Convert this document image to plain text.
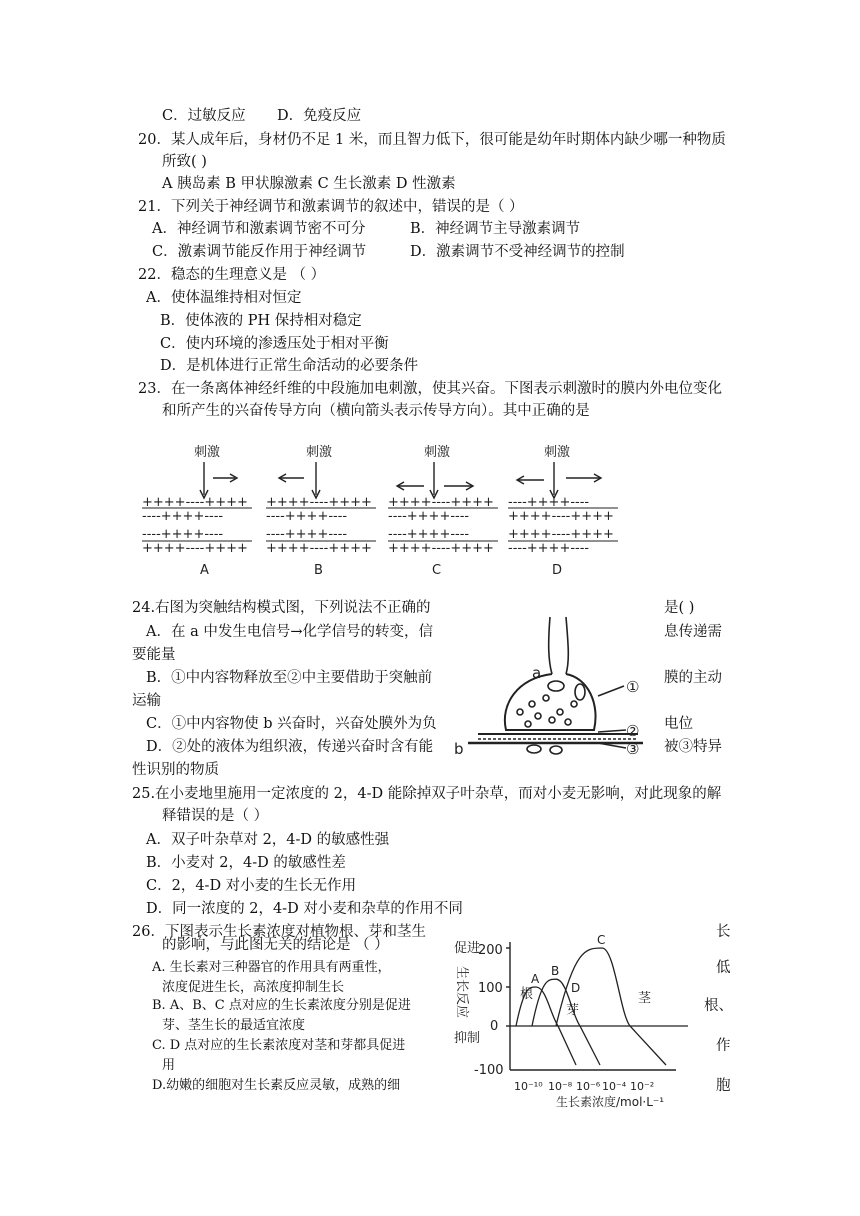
C．过敏反应 D．免疫反应
20．某人成年后，身材仍不足 1 米，而且智力低下，很可能是幼年时期体内缺少哪一种物质
所致( )
A 胰岛素 B 甲状腺激素 C 生长激素 D 性激素
21．下列关于神经调节和激素调节的叙述中，错误的是（ ）
A．神经调节和激素调节密不可分	B．神经调节主导激素调节
C．激素调节能反作用于神经调节	D．激素调节不受神经调节的控制
22．稳态的生理意义是 （ ）
A．使体温维持相对恒定
B．使体液的 PH 保持相对稳定
C．使内环境的渗透压处于相对平衡
D．是机体进行正常生命活动的必要条件
23．在一条离体神经纤维的中段施加电刺激，使其兴奋。下图表示刺激时的膜内外电位变化
和所产生的兴奋传导方向（横向箭头表示传导方向）。其中正确的是
刺激
++++----++++
----++++----
----++++----
++++----++++
A
刺激
++++----++++
----++++----
----++++----
++++----++++
B
刺激
++++----++++
----++++----
----++++----
++++----++++
C
刺激
----++++----
++++----++++
++++----++++
----++++----
D
24.右图为突触结构模式图，下列说法不正确的	是( )
A．在 a 中发生电信号→化学信号的转变，信	息传递需
要能量
B．①中内容物释放至②中主要借助于突触前	膜的主动
运输
C．①中内容物使 b 兴奋时，兴奋处膜外为负	电位
D．②处的液体为组织液，传递兴奋时含有能	被③特异
性识别的物质
a
b
①
②
③
25.在小麦地里施用一定浓度的 2，4-D 能除掉双子叶杂草，而对小麦无影响，对此现象的解
释错误的是（ ）
A．双子叶杂草对 2，4-D 的敏感性强
B．小麦对 2，4-D 的敏感性差
C．2，4-D 对小麦的生长无作用
D．同一浓度的 2，4-D 对小麦和杂草的作用不同
26．下图表示生长素浓度对植物根、芽和茎生	长
的影响，与此图无关的结论是 （ ）
A. 生长素对三种器官的作用具有两重性，	低
浓度促进生长，高浓度抑制生长
B. A、B、C 点对应的生长素浓度分别是促进	根、
芽、茎生长的最适宜浓度
C. D 点对应的生长素浓度对茎和芽都具促进	作
用
D.幼嫩的细胞对生长素反应灵敏，成熟的细	胞
A
根
B
芽
C
茎
D
200
100
0
-100
促进
抑制
生长反应
10⁻¹⁰ 10⁻⁸ 10⁻⁶ 10⁻⁴ 10⁻²
生长素浓度/mol·L⁻¹
